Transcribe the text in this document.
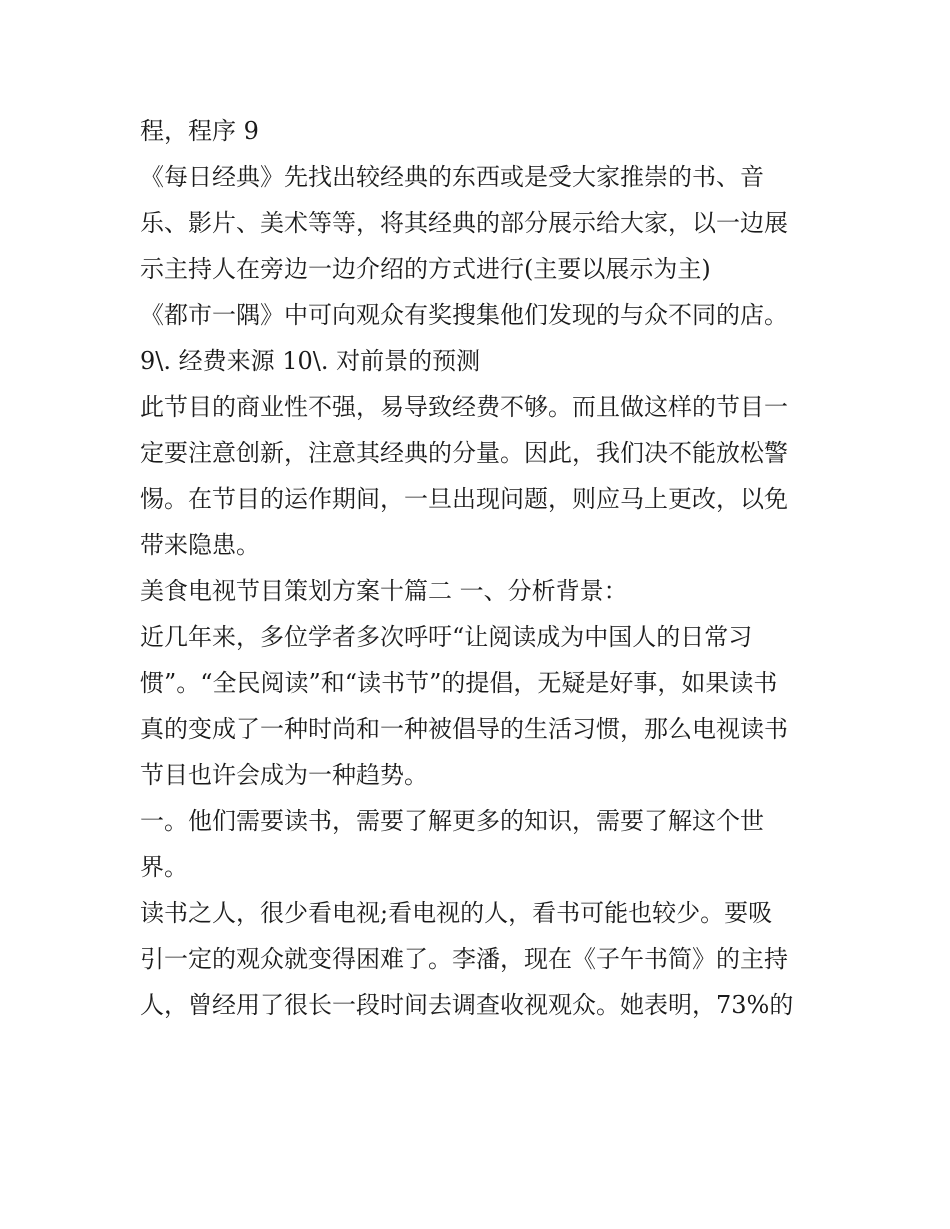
程，程序 9
《每日经典》先找出较经典的东西或是受大家推崇的书、音
乐、影片、美术等等，将其经典的部分展示给大家，以一边展
示主持人在旁边一边介绍的方式进行(主要以展示为主)
《都市一隅》中可向观众有奖搜集他们发现的与众不同的店。
9\. 经费来源 10\. 对前景的预测
此节目的商业性不强，易导致经费不够。而且做这样的节目一
定要注意创新，注意其经典的分量。因此，我们决不能放松警
惕。在节目的运作期间，一旦出现问题，则应马上更改，以免
带来隐患。
美食电视节目策划方案十篇二 一、分析背景：
近几年来，多位学者多次呼吁“让阅读成为中国人的日常习
惯”。“全民阅读”和“读书节”的提倡，无疑是好事，如果读书
真的变成了一种时尚和一种被倡导的生活习惯，那么电视读书
节目也许会成为一种趋势。
一。他们需要读书，需要了解更多的知识，需要了解这个世
界。
读书之人，很少看电视;看电视的人，看书可能也较少。要吸
引一定的观众就变得困难了。李潘，现在《子午书简》的主持
人，曾经用了很长一段时间去调查收视观众。她表明，73%的
